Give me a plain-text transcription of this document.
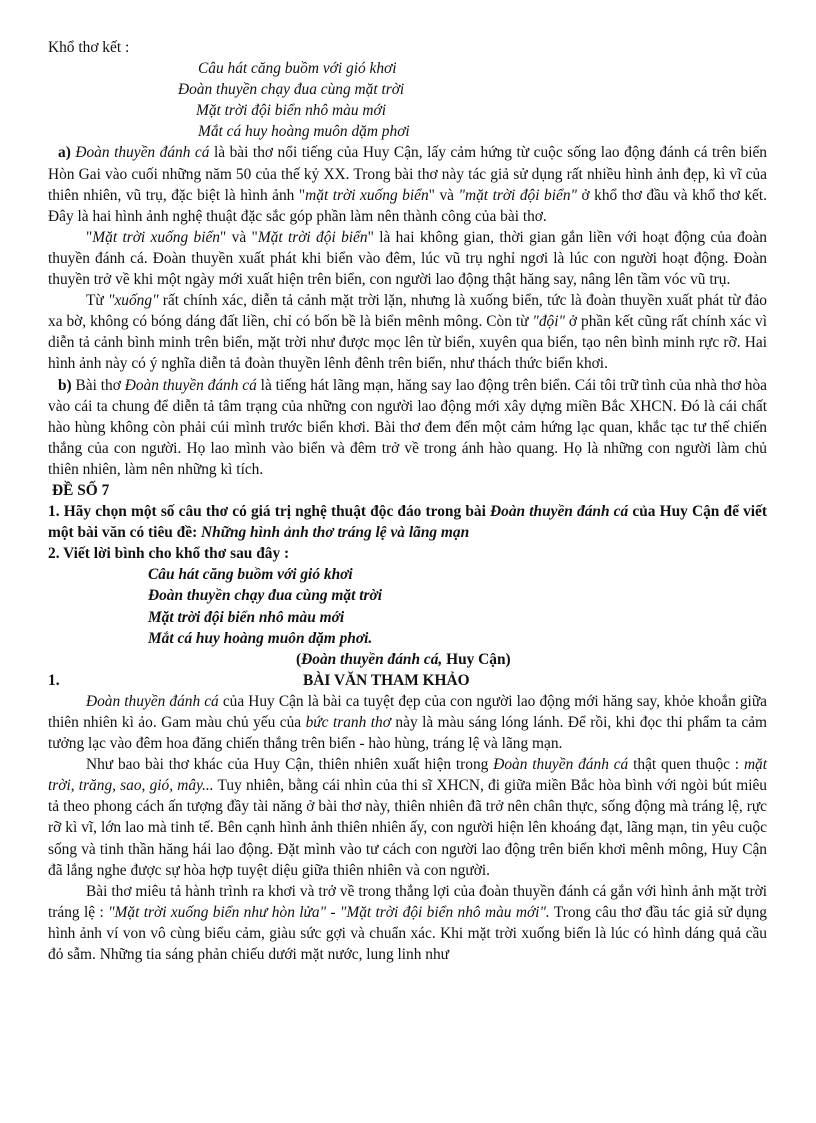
Khổ thơ kết :

Câu hát căng buồm với gió khơi
Đoàn thuyền chạy đua cùng mặt trời
Mặt trời đội biển nhô màu mới
Mắt cá huy hoàng muôn dặm phơi

a) Đoàn thuyền đánh cá là bài thơ nổi tiếng của Huy Cận, lấy cảm hứng từ cuộc sống lao động đánh cá trên biển Hòn Gai vào cuối những năm 50 của thế kỷ XX. Trong bài thơ này tác giả sử dụng rất nhiều hình ảnh đẹp, kì vĩ của thiên nhiên, vũ trụ, đặc biệt là hình ảnh "mặt trời xuống biển" và "mặt trời đội biển" ở khổ thơ đầu và khổ thơ kết. Đây là hai hình ảnh nghệ thuật đặc sắc góp phần làm nên thành công của bài thơ.

"Mặt trời xuống biển" và "Mặt trời đội biển" là hai không gian, thời gian gắn liền với hoạt động của đoàn thuyền đánh cá. Đoàn thuyền xuất phát khi biển vào đêm, lúc vũ trụ nghỉ ngơi là lúc con người hoạt động. Đoàn thuyền trở về khi một ngày mới xuất hiện trên biển, con người lao động thật hăng say, nâng lên tầm vóc vũ trụ.

Từ "xuống" rất chính xác, diễn tả cảnh mặt trời lặn, nhưng là xuống biển, tức là đoàn thuyền xuất phát từ đảo xa bờ, không có bóng dáng đất liền, chỉ có bốn bề là biển mênh mông. Còn từ "đội" ở phần kết cũng rất chính xác vì diễn tả cảnh bình minh trên biển, mặt trời như được mọc lên từ biển, xuyên qua biển, tạo nên bình minh rực rỡ. Hai hình ảnh này có ý nghĩa diễn tả đoàn thuyền lênh đênh trên biển, như thách thức biển khơi.

b) Bài thơ Đoàn thuyền đánh cá là tiếng hát lãng mạn, hăng say lao động trên biển. Cái tôi trữ tình của nhà thơ hòa vào cái ta chung để diễn tả tâm trạng của những con người lao động mới xây dựng miền Bắc XHCN. Đó là cái chất hào hùng không còn phải cúi mình trước biển khơi. Bài thơ đem đến một cảm hứng lạc quan, khắc tạc tư thế chiến thắng của con người. Họ lao mình vào biển và đêm trở về trong ánh hào quang. Họ là những con người làm chủ thiên nhiên, làm nên những kì tích.

ĐỀ SỐ 7

1. Hãy chọn một số câu thơ có giá trị nghệ thuật độc đáo trong bài Đoàn thuyền đánh cá của Huy Cận để viết một bài văn có tiêu đề: Những hình ảnh thơ tráng lệ và lãng mạn

2. Viết lời bình cho khổ thơ sau đây :

Câu hát căng buồm với gió khơi
Đoàn thuyền chạy đua cùng mặt trời
Mặt trời đội biển nhô màu mới
Mắt cá huy hoàng muôn dặm phơi.

(Đoàn thuyền đánh cá, Huy Cận)

1.	BÀI VĂN THAM KHẢO

Đoàn thuyền đánh cá của Huy Cận là bài ca tuyệt đẹp của con người lao động mới hăng say, khỏe khoắn giữa thiên nhiên kì ảo. Gam màu chủ yếu của bức tranh thơ này là màu sáng lóng lánh. Để rồi, khi đọc thi phẩm ta cảm tưởng lạc vào đêm hoa đăng chiến thắng trên biển - hào hùng, tráng lệ và lãng mạn.

Như bao bài thơ khác của Huy Cận, thiên nhiên xuất hiện trong Đoàn thuyền đánh cá thật quen thuộc : mặt trời, trăng, sao, gió, mây... Tuy nhiên, bằng cái nhìn của thi sĩ XHCN, đi giữa miền Bắc hòa bình với ngòi bút miêu tả theo phong cách ấn tượng đầy tài năng ở bài thơ này, thiên nhiên đã trở nên chân thực, sống động mà tráng lệ, rực rỡ kì vĩ, lớn lao mà tinh tế. Bên cạnh hình ảnh thiên nhiên ấy, con người hiện lên khoáng đạt, lãng mạn, tin yêu cuộc sống và tinh thần hăng hái lao động. Đặt mình vào tư cách con người lao động trên biển khơi mênh mông, Huy Cận đã lắng nghe được sự hòa hợp tuyệt diệu giữa thiên nhiên và con người.

Bài thơ miêu tả hành trình ra khơi và trở về trong thắng lợi của đoàn thuyền đánh cá gắn với hình ảnh mặt trời tráng lệ : "Mặt trời xuống biển như hòn lửa" - "Mặt trời đội biển nhô màu mới". Trong câu thơ đầu tác giả sử dụng hình ảnh ví von vô cùng biểu cảm, giàu sức gợi và chuẩn xác. Khi mặt trời xuống biển là lúc có hình dáng quả cầu đỏ sẫm. Những tia sáng phản chiếu dưới mặt nước, lung linh như
